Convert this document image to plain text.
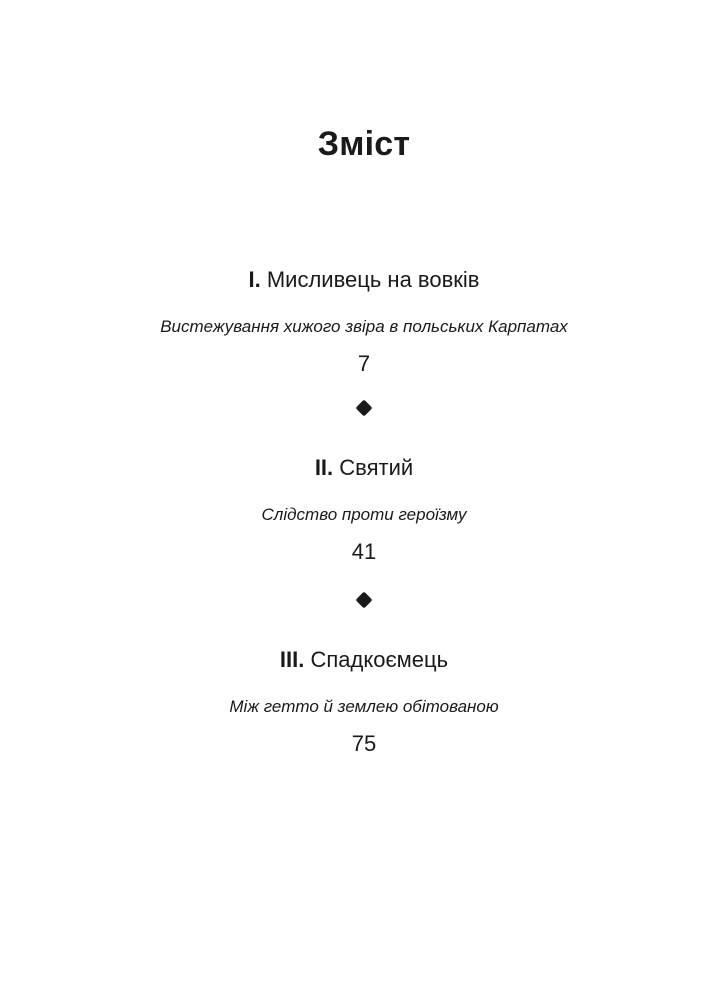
Зміст
I. Мисливець на вовків
Вистежування хижого звіра в польських Карпатах
7
II. Святий
Слідство проти героїзму
41
III. Спадкоємець
Між гетто й землею обітованою
75
